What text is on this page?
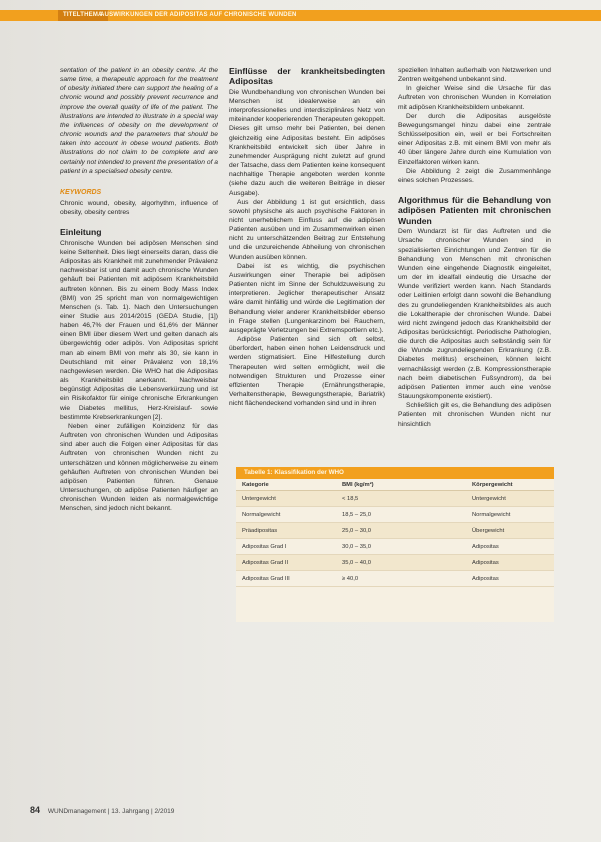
TITELTHEMA
AUSWIRKUNGEN DER ADIPOSITAS AUF CHRONISCHE WUNDEN

sentation of the patient in an obesity centre. At the same time, a therapeutic approach for the treatment of obesity initiated there can support the healing of a chronic wound and possibly prevent recurrence and improve the overall quality of life of the patient. The illustrations are intended to illustrate in a special way the influences of obesity on the development of chronic wounds and the parameters that should be taken into account in obese wound patients. Both illustrations do not claim to be complete and are certainly not intended to prevent the presentation of a patient in a specialised obesity centre.

KEYWORDS

Chronic wound, obesity, algorhythm, influence of obesity, obesity centres

Einleitung

Chronische Wunden bei adipösen Menschen sind keine Seltenheit. Dies liegt einerseits daran, dass die Adipositas als Krankheit mit zunehmender Prävalenz nachweisbar ist und damit auch chronische Wunden gehäuft bei Patienten mit adipösem Krankheitsbild auftreten können. Bis zu einem Body Mass Index (BMI) von 25 spricht man von normalgewichtigen Menschen (s. Tab. 1). Nach den Untersuchungen einer Studie aus 2014/2015 (GEDA Studie, [1]) haben 46,7% der Frauen und 61,6% der Männer einen BMI über diesem Wert und gelten danach als übergewichtig oder adipös. Von Adipositas spricht man ab einem BMI von mehr als 30, sie kann in Deutschland mit einer Prävalenz von 18,1% nachgewiesen werden. Die WHO hat die Adipositas als Krankheitsbild anerkannt. Nachweisbar begünstigt Adipositas die Lebensverkürzung und ist ein Risikofaktor für einige chronische Erkrankungen wie Diabetes mellitus, Herz-Kreislauf- sowie bestimmte Krebserkrankungen [2].

Neben einer zufälligen Koinzidenz für das Auftreten von chronischen Wunden und Adipositas sind aber auch die Folgen einer Adipositas für das Auftreten von chronischen Wunden nicht zu unterschätzen und können möglicherweise zu einem gehäuften Auftreten von chronischen Wunden bei adipösen Patienten führen. Genaue Untersuchungen, ob adipöse Patienten häufiger an chronischen Wunden leiden als normalgewichtige Menschen, sind jedoch nicht bekannt.

Einflüsse der krankheitsbedingten Adipositas

Die Wundbehandlung von chronischen Wunden bei Menschen ist idealerweise an ein interprofessionelles und interdisziplinäres Netz von miteinander kooperierenden Therapeuten gekoppelt. Dieses gilt umso mehr bei Patienten, bei denen gleichzeitig eine Adipositas besteht. Ein adipöses Krankheitsbild entwickelt sich über Jahre in zunehmender Ausprägung nicht zuletzt auf grund der Tatsache, dass dem Patienten keine konsequent nachhaltige Therapie angeboten werden konnte (siehe dazu auch die weiteren Beiträge in dieser Ausgabe).

Aus der Abbildung 1 ist gut ersichtlich, dass sowohl physische als auch psychische Faktoren in nicht unerheblichem Einfluss auf die adipösen Patienten ausüben und im Zusammenwirken einen nicht zu unterschätzenden Beitrag zur Entstehung und die unzureichende Abheilung von chronischen Wunden ausüben können.

Dabei ist es wichtig, die psychischen Auswirkungen einer Therapie bei adipösen Patienten nicht im Sinne der Schuldzuweisung zu interpretieren. Jeglicher therapeutischer Ansatz wäre damit hinfällig und würde die Legitimation der Behandlung vieler anderer Krankheitsbilder ebenso in Frage stellen (Lungenkarzinom bei Rauchern, ausgeprägte Verletzungen bei Extremsportlern etc.).

Adipöse Patienten sind sich oft selbst, überfordert, haben einen hohen Leidensdruck und werden stigmatisiert. Eine Hilfestellung durch Therapeuten wird selten ermöglicht, weil die notwendigen Strukturen und Prozesse einer effizienten Therapie (Ernährungstherapie, Verhaltenstherapie, Bewegungstherapie, Bariatrik) nicht flächendeckend vorhanden sind und in ihren

speziellen Inhalten außerhalb von Netzwerken und Zentren weitgehend unbekannt sind.

In gleicher Weise sind die Ursache für das Auftreten von chronischen Wunden in Korrelation mit adipösen Krankheitsbildern unbekannt.

Der durch die Adipositas ausgelöste Bewegungsmangel hinzu dabei eine zentrale Schlüsselposition ein, weil er bei Fortschreiten einer Adipositas z.B. mit einem BMI von mehr als 40 über längere Jahre durch eine Kumulation von Einzelfaktoren wirken kann.

Die Abbildung 2 zeigt die Zusammenhänge eines solchen Prozesses.

Algorithmus für die Behandlung von adipösen Patienten mit chronischen Wunden

Dem Wundarzt ist für das Auftreten und die Ursache chronischer Wunden sind in spezialisierten Einrichtungen und Zentren für die Behandlung von Menschen mit chronischen Wunden eine eingehende Diagnostik eingeleitet, um der im idealfall eindeutig die Ursache der Wunde verifiziert werden kann. Nach Standards oder Leitlinien erfolgt dann sowohl die Behandlung des zu grundeliegenden Krankheitsbildes als auch die Lokaltherapie der chronischen Wunde. Dabei wird nicht zwingend jedoch das Krankheitsbild der Adipositas berücksichtigt. Periodische Pathologien, die durch die Adipositas auch selbständig sein für die Wunde zugrundeliegenden Erkrankung (z.B. Diabetes mellitus) erscheinen, können leicht vernachlässigt werden (z.B. Kompressionstherapie nach beim diabetischen Fußsyndrom), da bei adipösen Patienten immer auch eine venöse Stauungskomponente existiert).

Schließlich gilt es, die Behandlung des adipösen Patienten mit chronischen Wunden nicht nur hinsichtlich

Tabelle 1: Klassifikation der WHO
Kategorie	BMI (kg/m²)	Körpergewicht
Untergewicht	< 18,5	Untergewicht
Normalgewicht	18,5 – 25,0	Normalgewicht
Präadipositas	25,0 – 30,0	Übergewicht
Adipositas Grad I	30,0 – 35,0	Adipositas
Adipositas Grad II	35,0 – 40,0	Adipositas
Adipositas Grad III	≥ 40,0	Adipositas
84 WUNDmanagement | 13. Jahrgang | 2/2019
